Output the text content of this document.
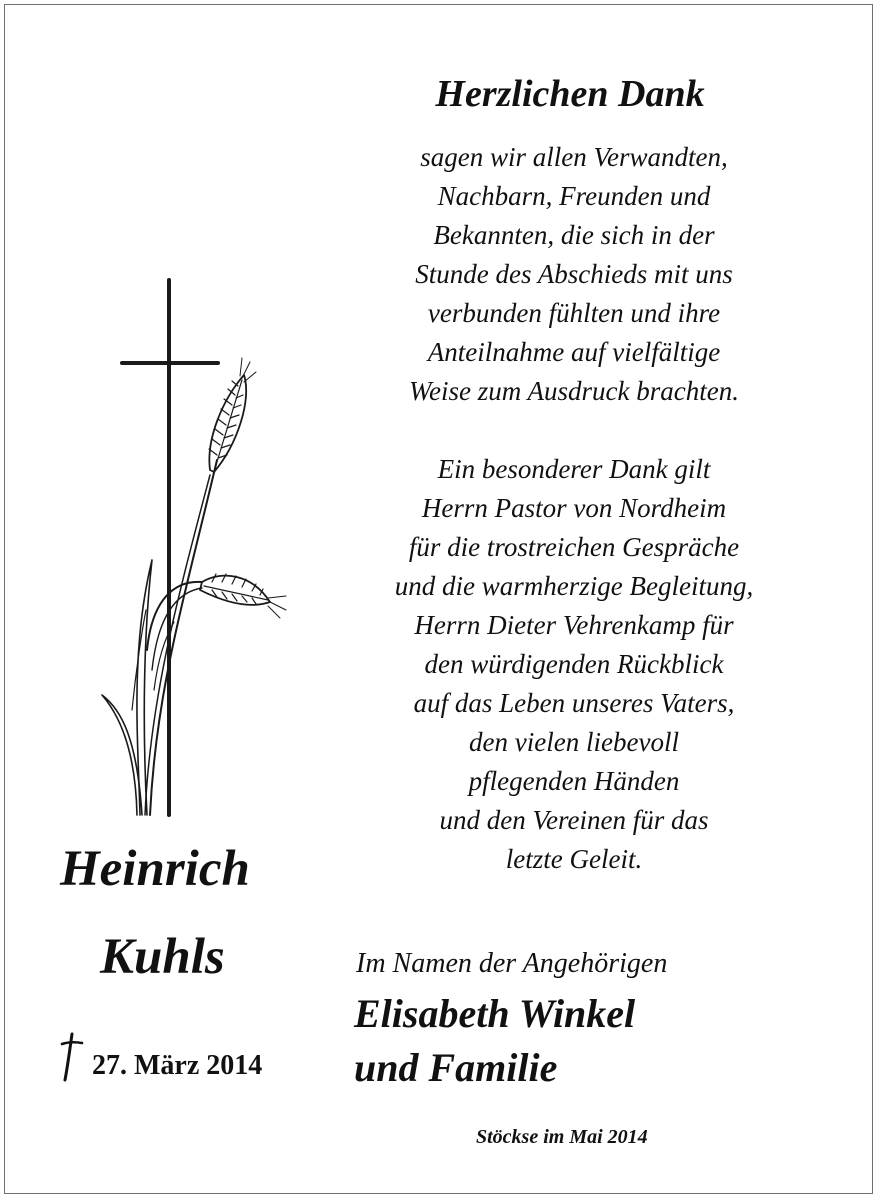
Herzlichen Dank

sagen wir allen Verwandten,
Nachbarn, Freunden und
Bekannten, die sich in der
Stunde des Abschieds mit uns
verbunden fühlten und ihre
Anteilnahme auf vielfältige
Weise zum Ausdruck brachten.

Ein besonderer Dank gilt
Herrn Pastor von Nordheim
für die trostreichen Gespräche
und die warmherzige Begleitung,
Herrn Dieter Vehrenkamp für
den würdigenden Rückblick
auf das Leben unseres Vaters,
den vielen liebevoll
pflegenden Händen
und den Vereinen für das
letzte Geleit.

Heinrich
Kuhls
27. März 2014
Im Namen der Angehörigen
Elisabeth Winkel
und Familie
Stöckse im Mai 2014
